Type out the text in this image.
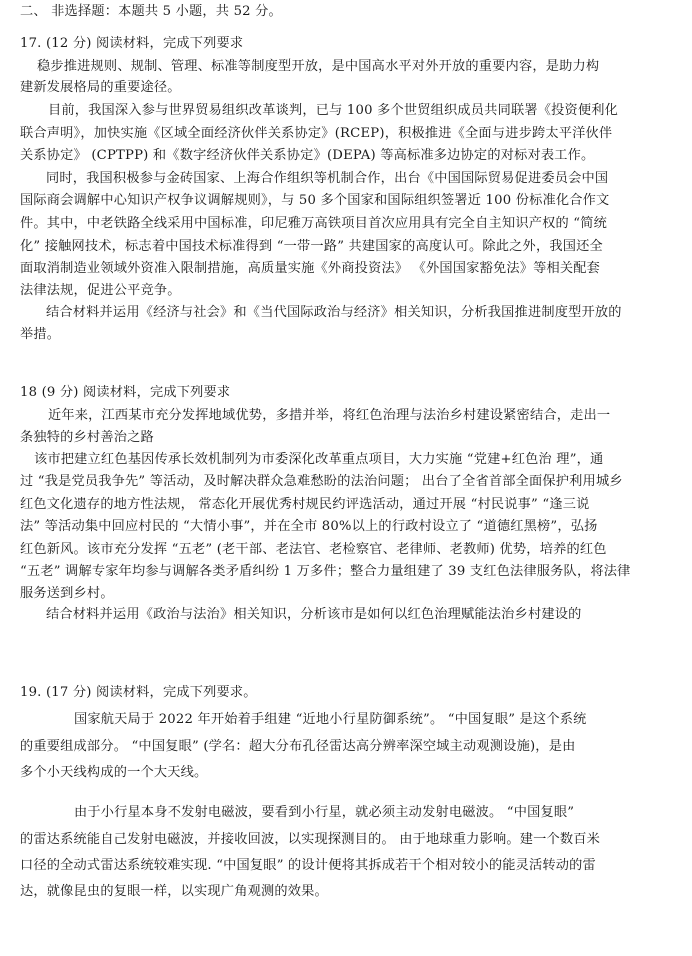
二、 非选择题：本题共 5 小题，共 52 分。
17. (12 分) 阅读材料，完成下列要求
稳步推进规则、规制、管理、标准等制度型开放，是中国高水平对外开放的重要内容，是助力构
建新发展格局的重要途径。
目前，我国深入参与世界贸易组织改革谈判，已与 100 多个世贸组织成员共同联署《投资便利化
联合声明》，加快实施《区域全面经济伙伴关系协定》(RCEP)，积极推进《全面与进步跨太平洋伙伴
关系协定》 (CPTPP) 和《数字经济伙伴关系协定》(DEPA) 等高标准多边协定的对标对表工作。
同时，我国积极参与金砖国家、上海合作组织等机制合作，出台《中国国际贸易促进委员会中国
国际商会调解中心知识产权争议调解规则》，与 50 多个国家和国际组织签署近 100 份标准化合作文
件。其中，中老铁路全线采用中国标准，印尼雅万高铁项目首次应用具有完全自主知识产权的 “简统
化” 接触网技术，标志着中国技术标准得到 “一带一路” 共建国家的高度认可。除此之外，我国还全
面取消制造业领域外资准入限制措施，高质量实施《外商投资法》 《外国国家豁免法》等相关配套
法律法规，促进公平竞争。
结合材料并运用《经济与社会》和《当代国际政治与经济》相关知识，分析我国推进制度型开放的
举措。
18 (9 分) 阅读材料，完成下列要求
近年来，江西某市充分发挥地域优势，多措并举，将红色治理与法治乡村建设紧密结合，走出一
条独特的乡村善治之路
该市把建立红色基因传承长效机制列为市委深化改革重点项目，大力实施 “党建+红色治 理”，通
过 “我是党员我争先” 等活动，及时解决群众急难愁盼的法治问题； 出台了全省首部全面保护利用城乡
红色文化遗存的地方性法规， 常态化开展优秀村规民约评选活动，通过开展 “村民说事” “逢三说
法” 等活动集中回应村民的 “大情小事”，并在全市 80%以上的行政村设立了 “道德红黑榜”，弘扬
红色新风。该市充分发挥 “五老” (老干部、老法官、老检察官、老律师、老教师) 优势，培养的红色
“五老” 调解专家年均参与调解各类矛盾纠纷 1 万多件；整合力量组建了 39 支红色法律服务队，将法律
服务送到乡村。
结合材料并运用《政治与法治》相关知识，分析该市是如何以红色治理赋能法治乡村建设的
19. (17 分) 阅读材料，完成下列要求。
国家航天局于 2022 年开始着手组建 “近地小行星防御系统”。 “中国复眼” 是这个系统
的重要组成部分。 “中国复眼” (学名：超大分布孔径雷达高分辨率深空域主动观测设施)，是由
多个小天线构成的一个大天线。
由于小行星本身不发射电磁波，要看到小行星，就必须主动发射电磁波。 “中国复眼”
的雷达系统能自己发射电磁波，并接收回波，以实现探测目的。 由于地球重力影响。建一个数百米
口径的全动式雷达系统较难实现. “中国复眼” 的设计便将其拆成若干个相对较小的能灵活转动的雷
达，就像昆虫的复眼一样，以实现广角观测的效果。
